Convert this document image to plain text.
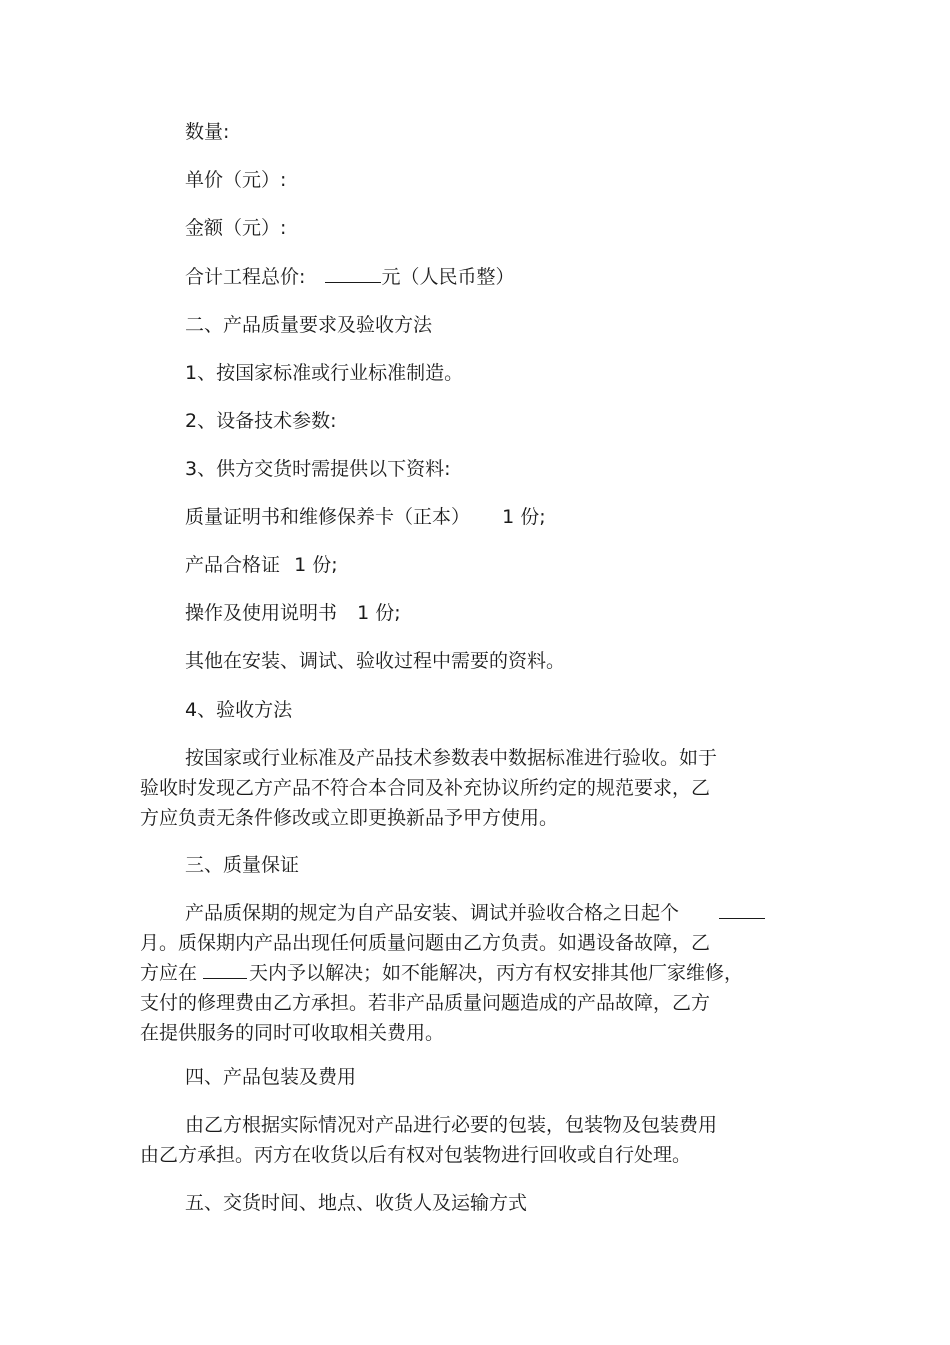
数量:
单价（元）:
金额（元）:
合计工程总价:	元（人民币整）
二、产品质量要求及验收方法
1、按国家标准或行业标准制造。
2、设备技术参数:
3、供方交货时需提供以下资料:
质量证明书和维修保养卡（正本） 1 份;
产品合格证 1 份;
操作及使用说明书 1 份;
其他在安装、调试、验收过程中需要的资料。
4、验收方法
按国家或行业标准及产品技术参数表中数据标准进行验收。如于
验收时发现乙方产品不符合本合同及补充协议所约定的规范要求，乙
方应负责无条件修改或立即更换新品予甲方使用。
三、质量保证
产品质保期的规定为自产品安装、调试并验收合格之日起个
月。质保期内产品出现任何质量问题由乙方负责。如遇设备故障，乙
方应在	天内予以解决；如不能解决，丙方有权安排其他厂家维修，
支付的修理费由乙方承担。若非产品质量问题造成的产品故障，乙方
在提供服务的同时可收取相关费用。
四、产品包装及费用
由乙方根据实际情况对产品进行必要的包装，包装物及包装费用
由乙方承担。丙方在收货以后有权对包装物进行回收或自行处理。
五、交货时间、地点、收货人及运输方式
